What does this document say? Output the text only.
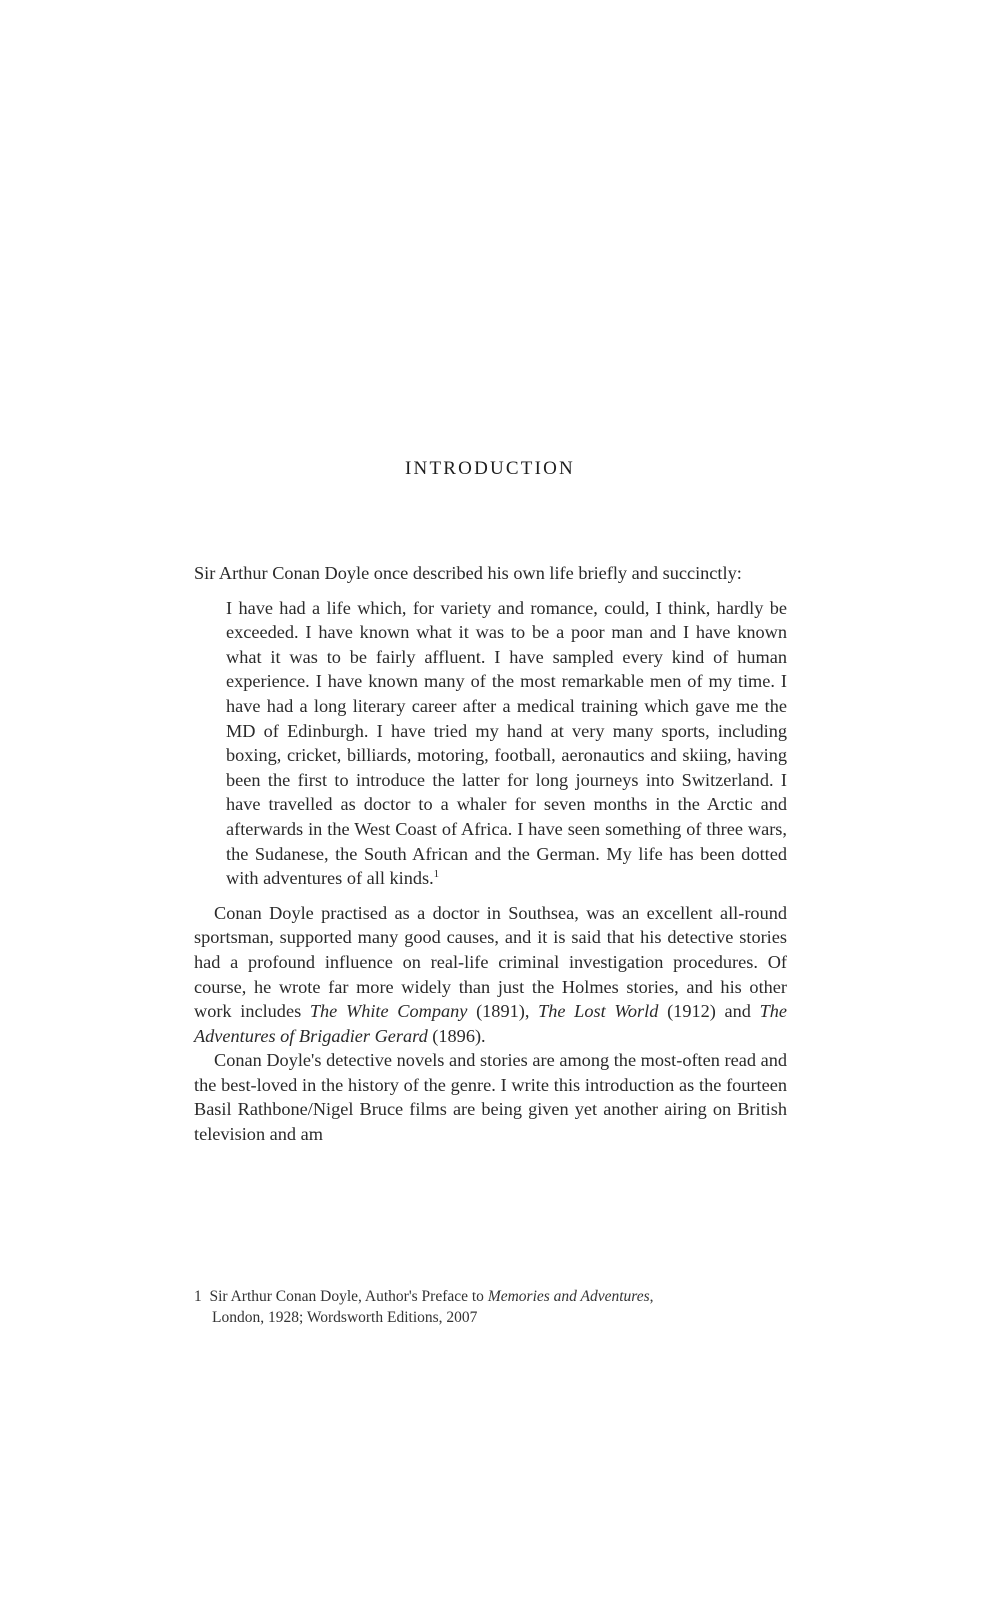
INTRODUCTION

Sir Arthur Conan Doyle once described his own life briefly and succinctly:

I have had a life which, for variety and romance, could, I think, hardly be exceeded. I have known what it was to be a poor man and I have known what it was to be fairly affluent. I have sampled every kind of human experience. I have known many of the most remarkable men of my time. I have had a long literary career after a medical training which gave me the MD of Edinburgh. I have tried my hand at very many sports, including boxing, cricket, billiards, motoring, football, aeronautics and skiing, having been the first to introduce the latter for long journeys into Switzerland. I have travelled as doctor to a whaler for seven months in the Arctic and afterwards in the West Coast of Africa. I have seen something of three wars, the Sudanese, the South African and the German. My life has been dotted with adventures of all kinds.$^1$

Conan Doyle practised as a doctor in Southsea, was an excellent all-round sportsman, supported many good causes, and it is said that his detective stories had a profound influence on real-life criminal investigation procedures. Of course, he wrote far more widely than just the Holmes stories, and his other work includes The White Company (1891), The Lost World (1912) and The Adventures of Brigadier Gerard (1896).

Conan Doyle's detective novels and stories are among the most-often read and the best-loved in the history of the genre. I write this introduction as the fourteen Basil Rathbone/Nigel Bruce films are being given yet another airing on British television and am

1 Sir Arthur Conan Doyle, Author's Preface to Memories and Adventures,
London, 1928; Wordsworth Editions, 2007
